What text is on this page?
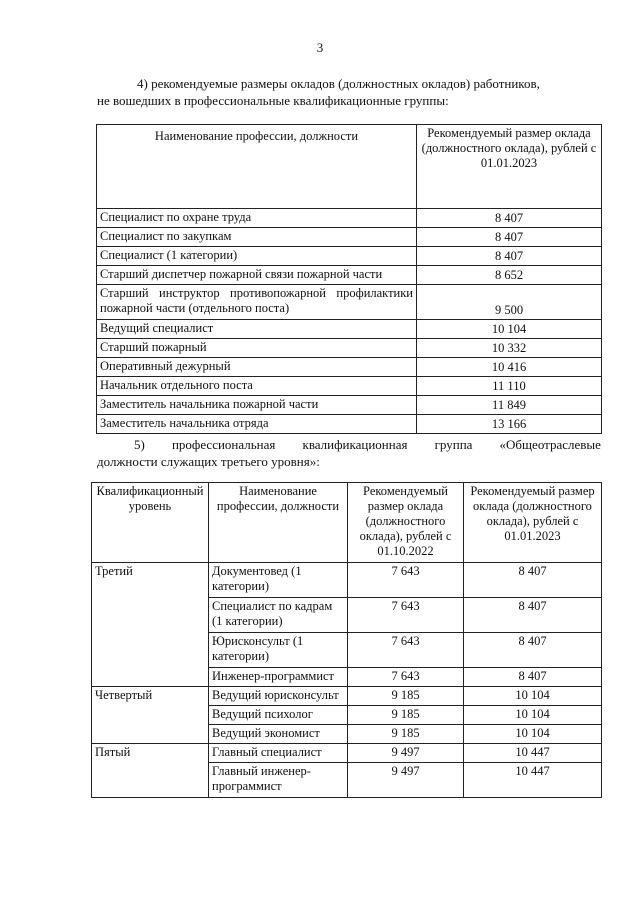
3
4) рекомендуемые размеры окладов (должностных окладов) работников,
не вошедших в профессиональные квалификационные группы:
Наименование профессии, должности	Рекомендуемый размер оклада (должностного оклада), рублей с 01.01.2023
Специалист по охране труда	8 407
Специалист по закупкам	8 407
Специалист (1 категории)	8 407
Старший диспетчер пожарной связи пожарной части	8 652
Старший инструктор противопожарной профилактики пожарной части (отдельного поста)	9 500
Ведущий специалист	10 104
Старший пожарный	10 332
Оперативный дежурный	10 416
Начальник отдельного поста	11 110
Заместитель начальника пожарной части	11 849
Заместитель начальника отряда	13 166
5) профессиональная квалификационная группа «Общеотраслевые
должности служащих третьего уровня»:
Квалификационный уровень	Наименование профессии, должности	Рекомендуемый размер оклада (должностного оклада), рублей с 01.10.2022	Рекомендуемый размер оклада (должностного оклада), рублей с 01.01.2023
Третий	Документовед (1 категории)	7 643	8 407
	Специалист по кадрам (1 категории)	7 643	8 407
	Юрисконсульт (1 категории)	7 643	8 407
	Инженер-программист	7 643	8 407
Четвертый	Ведущий юрисконсульт	9 185	10 104
	Ведущий психолог	9 185	10 104
	Ведущий экономист	9 185	10 104
Пятый	Главный специалист	9 497	10 447
	Главный инженер-программист	9 497	10 447
